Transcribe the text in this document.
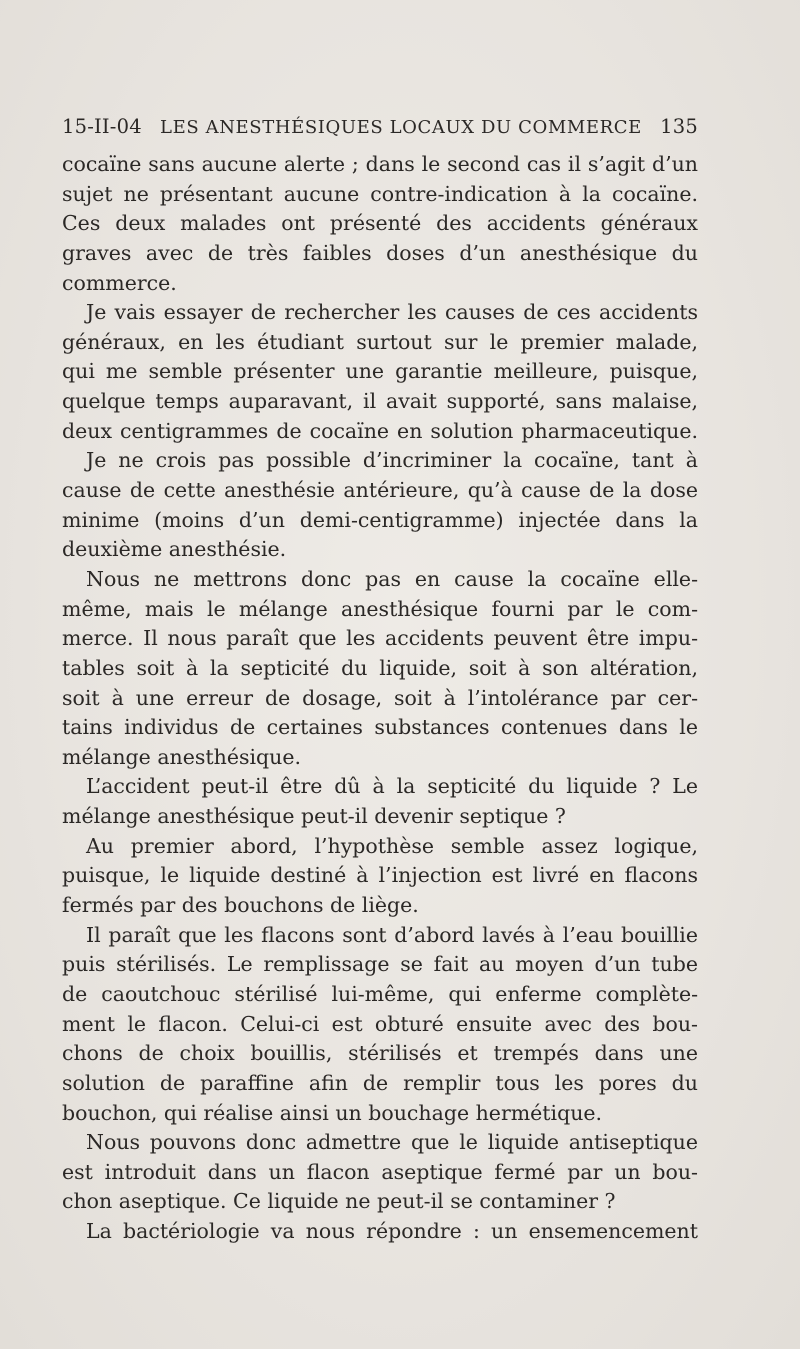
15-II-04 LES ANESTHÉSIQUES LOCAUX DU COMMERCE 135
cocaïne sans aucune alerte ; dans le second cas il s’agit d’un
sujet ne présentant aucune contre-indication à la cocaïne.
Ces deux malades ont présenté des accidents généraux
graves avec de très faibles doses d’un anesthésique du
commerce.
Je vais essayer de rechercher les causes de ces accidents
généraux, en les étudiant surtout sur le premier malade,
qui me semble présenter une garantie meilleure, puisque,
quelque temps auparavant, il avait supporté, sans malaise,
deux centigrammes de cocaïne en solution pharmaceutique.
Je ne crois pas possible d’incriminer la cocaïne, tant à
cause de cette anesthésie antérieure, qu’à cause de la dose
minime (moins d’un demi-centigramme) injectée dans la
deuxième anesthésie.
Nous ne mettrons donc pas en cause la cocaïne elle-
même, mais le mélange anesthésique fourni par le com-
merce. Il nous paraît que les accidents peuvent être impu-
tables soit à la septicité du liquide, soit à son altération,
soit à une erreur de dosage, soit à l’intolérance par cer-
tains individus de certaines substances contenues dans le
mélange anesthésique.
L’accident peut-il être dû à la septicité du liquide ? Le
mélange anesthésique peut-il devenir septique ?
Au premier abord, l’hypothèse semble assez logique,
puisque, le liquide destiné à l’injection est livré en flacons
fermés par des bouchons de liège.
Il paraît que les flacons sont d’abord lavés à l’eau bouillie
puis stérilisés. Le remplissage se fait au moyen d’un tube
de caoutchouc stérilisé lui-même, qui enferme complète-
ment le flacon. Celui-ci est obturé ensuite avec des bou-
chons de choix bouillis, stérilisés et trempés dans une
solution de paraffine afin de remplir tous les pores du
bouchon, qui réalise ainsi un bouchage hermétique.
Nous pouvons donc admettre que le liquide antiseptique
est introduit dans un flacon aseptique fermé par un bou-
chon aseptique. Ce liquide ne peut-il se contaminer ?
La bactériologie va nous répondre : un ensemencement
